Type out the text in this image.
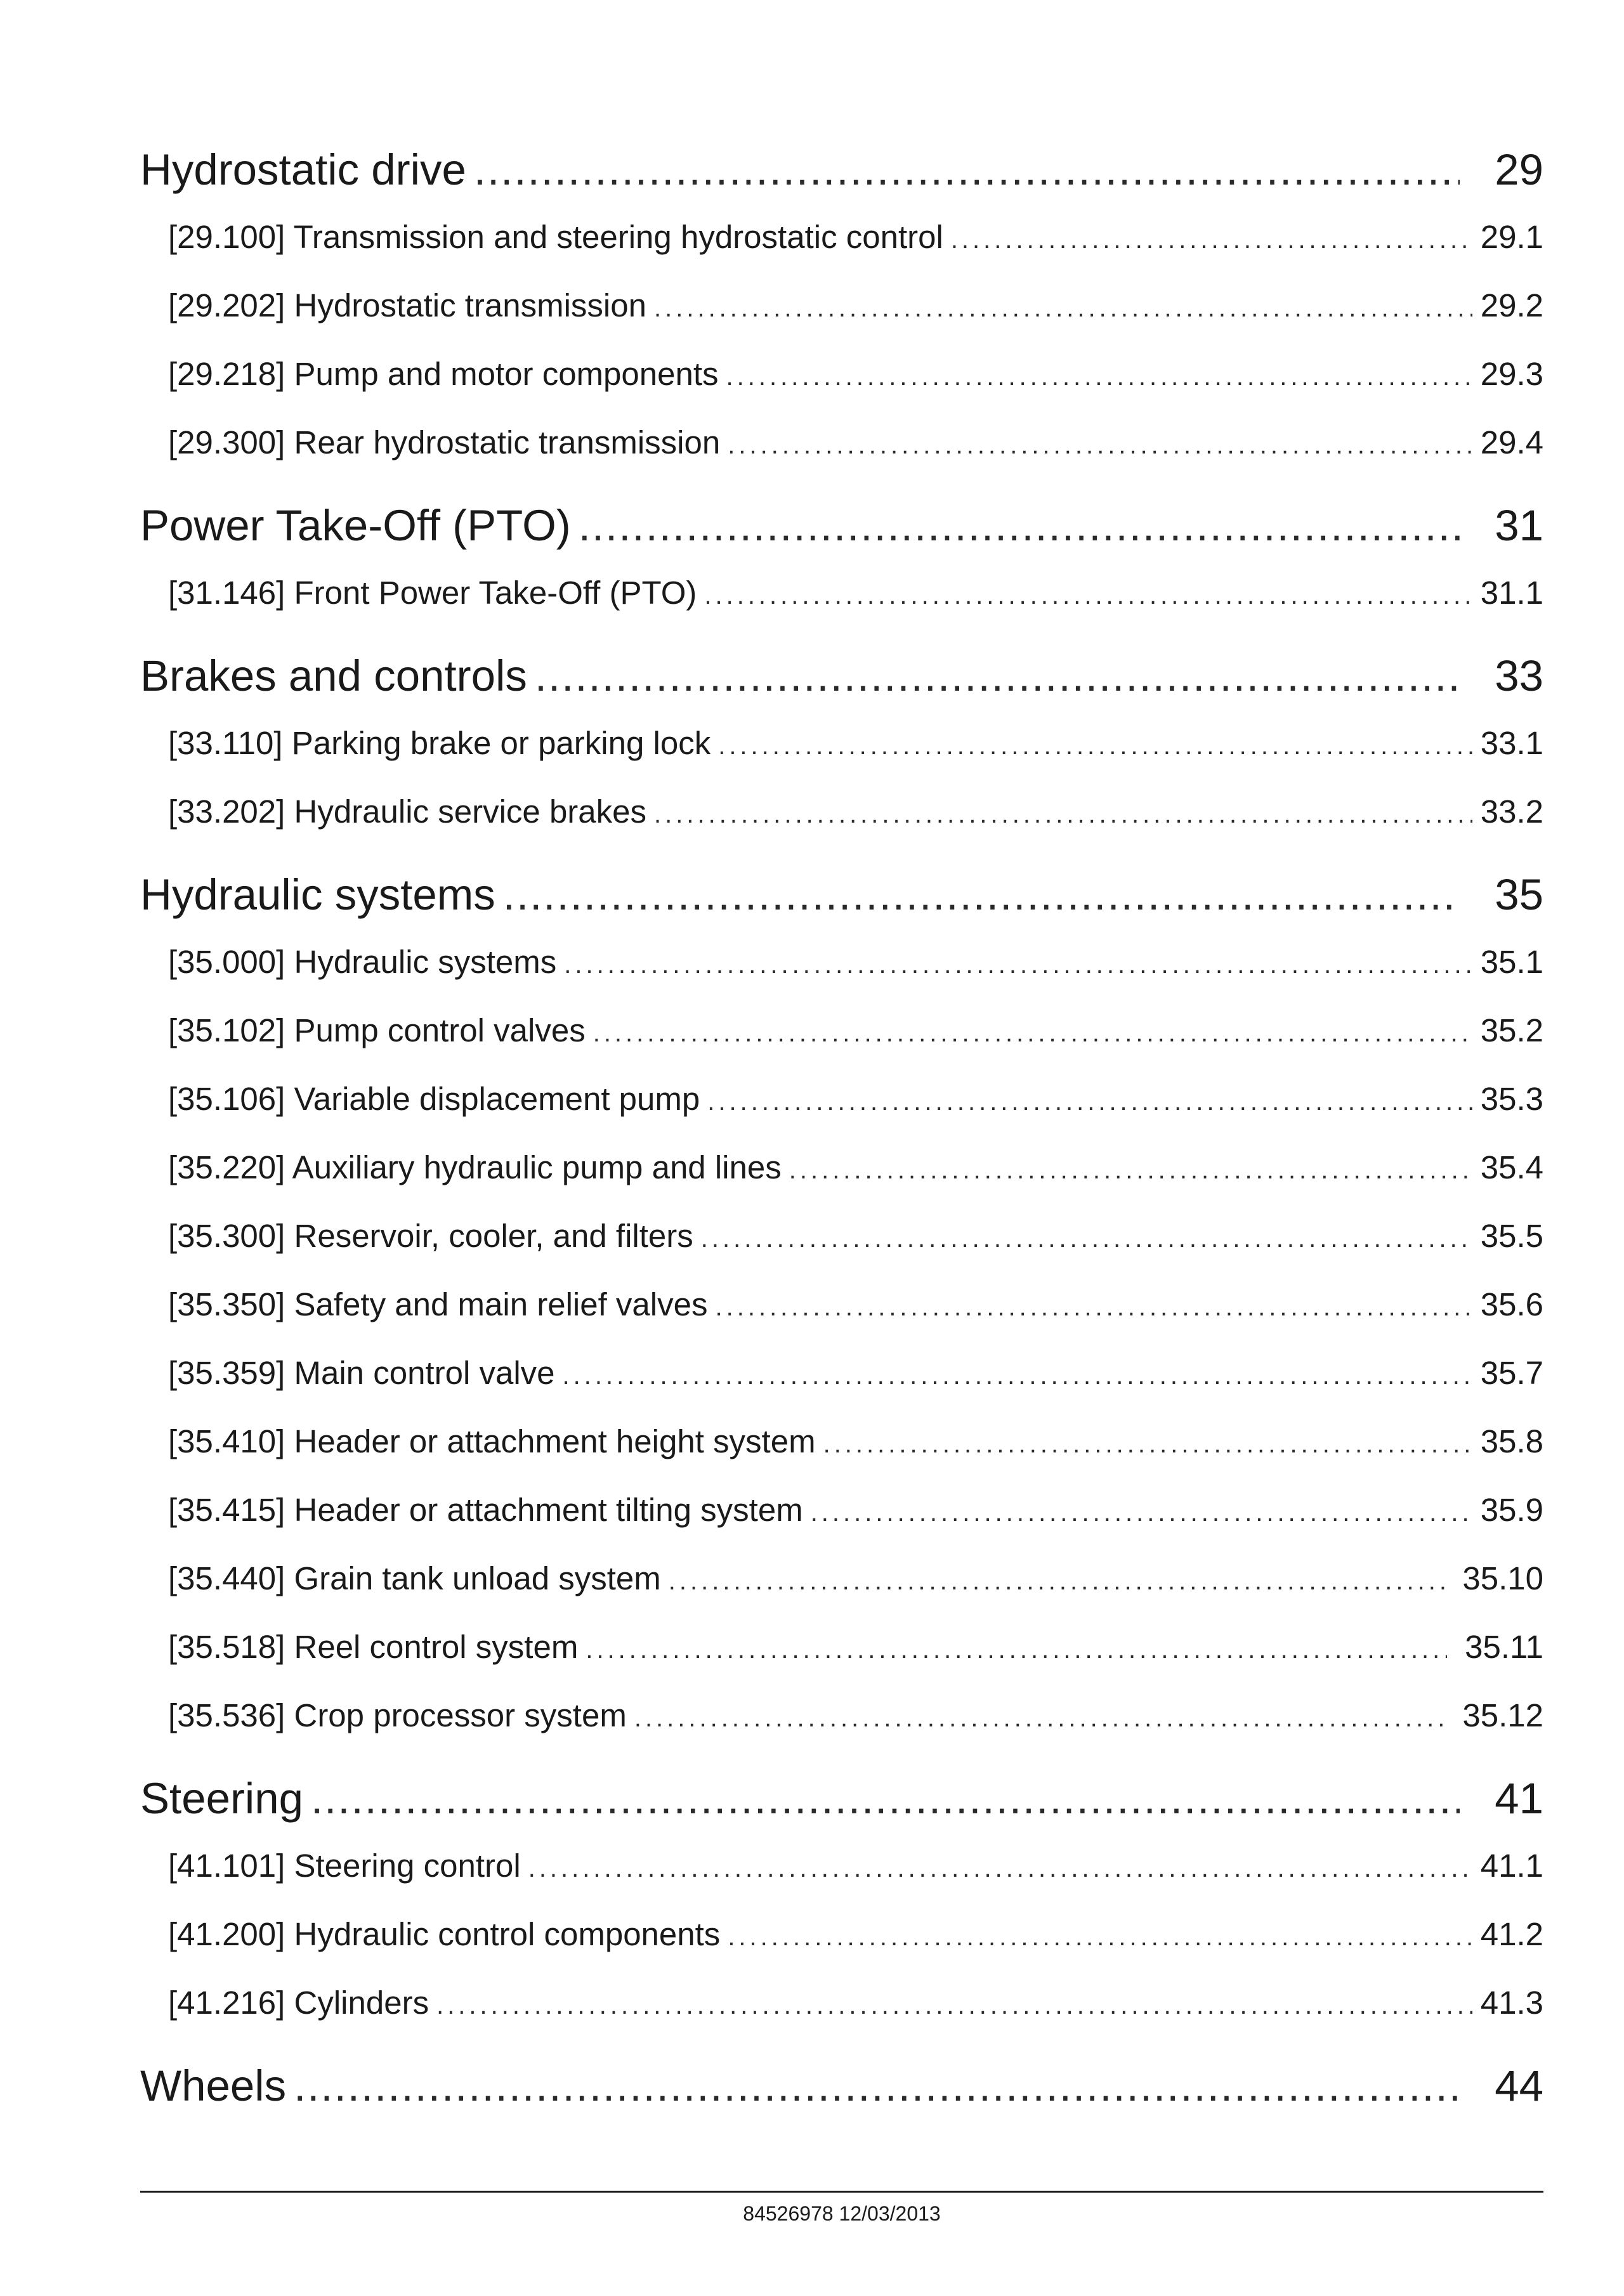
Hydrostatic drive .....	29
[29.100] Transmission and steering hydrostatic control .....	29.1
[29.202] Hydrostatic transmission .....	29.2
[29.218] Pump and motor components .....	29.3
[29.300] Rear hydrostatic transmission .....	29.4
Power Take-Off (PTO) .....	31
[31.146] Front Power Take-Off (PTO) .....	31.1
Brakes and controls .....	33
[33.110] Parking brake or parking lock .....	33.1
[33.202] Hydraulic service brakes .....	33.2
Hydraulic systems .....	35
[35.000] Hydraulic systems .....	35.1
[35.102] Pump control valves .....	35.2
[35.106] Variable displacement pump .....	35.3
[35.220] Auxiliary hydraulic pump and lines .....	35.4
[35.300] Reservoir, cooler, and filters .....	35.5
[35.350] Safety and main relief valves .....	35.6
[35.359] Main control valve .....	35.7
[35.410] Header or attachment height system .....	35.8
[35.415] Header or attachment tilting system .....	35.9
[35.440] Grain tank unload system .....	35.10
[35.518] Reel control system .....	35.11
[35.536] Crop processor system .....	35.12
Steering .....	41
[41.101] Steering control .....	41.1
[41.200] Hydraulic control components .....	41.2
[41.216] Cylinders .....	41.3
Wheels .....	44
84526978 12/03/2013
